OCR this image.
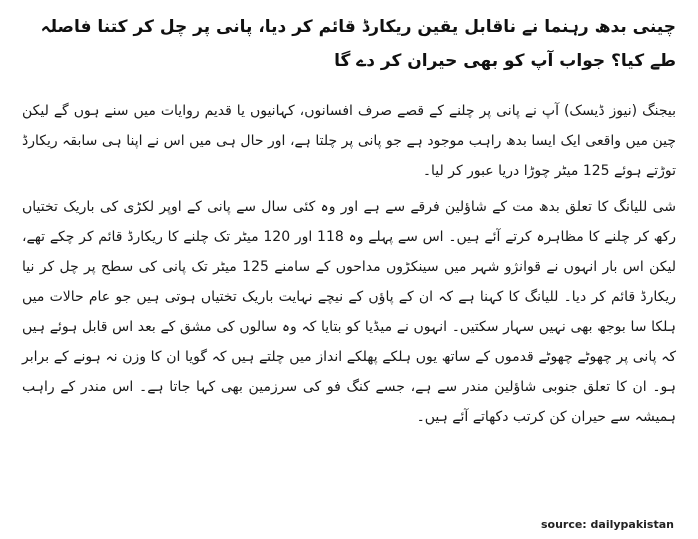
چینی بدھ رہنما نے ناقابل یقین ریکارڈ قائم کر دیا، پانی پر چل کر کتنا فاصلہ طے کیا؟ جواب آپ کو بھی حیران کر دے گا

بیجنگ (نیوز ڈیسک) آپ نے پانی پر چلنے کے قصے صرف افسانوں، کہانیوں یا قدیم روایات میں سنے ہوں گے لیکن چین میں واقعی ایک ایسا بدھ راہب موجود ہے جو پانی پر چلتا ہے، اور حال ہی میں اس نے اپنا ہی سابقہ ریکارڈ توڑتے ہوئے 125 میٹر چوڑا دریا عبور کر لیا۔

شی للیانگ کا تعلق بدھ مت کے شاؤلین فرقے سے ہے اور وہ کئی سال سے پانی کے اوپر لکڑی کی باریک تختیاں رکھ کر چلنے کا مظاہرہ کرتے آئے ہیں۔ اس سے پہلے وہ 118 اور 120 میٹر تک چلنے کا ریکارڈ قائم کر چکے تھے، لیکن اس بار انہوں نے قوانژو شہر میں سینکڑوں مداحوں کے سامنے 125 میٹر تک پانی کی سطح پر چل کر نیا ریکارڈ قائم کر دیا۔ للیانگ کا کہنا ہے کہ ان کے پاؤں کے نیچے نہایت باریک تختیاں ہوتی ہیں جو عام حالات میں ہلکا سا بوجھ بھی نہیں سہار سکتیں۔ انہوں نے میڈیا کو بتایا کہ وہ سالوں کی مشق کے بعد اس قابل ہوئے ہیں کہ پانی پر چھوٹے چھوٹے قدموں کے ساتھ یوں ہلکے پھلکے انداز میں چلتے ہیں کہ گویا ان کا وزن نہ ہونے کے برابر ہو۔ ان کا تعلق جنوبی شاؤلین مندر سے ہے، جسے کنگ فو کی سرزمین بھی کہا جاتا ہے۔ اس مندر کے راہب ہمیشہ سے حیران کن کرتب دکھاتے آئے ہیں۔

source: dailypakistan
